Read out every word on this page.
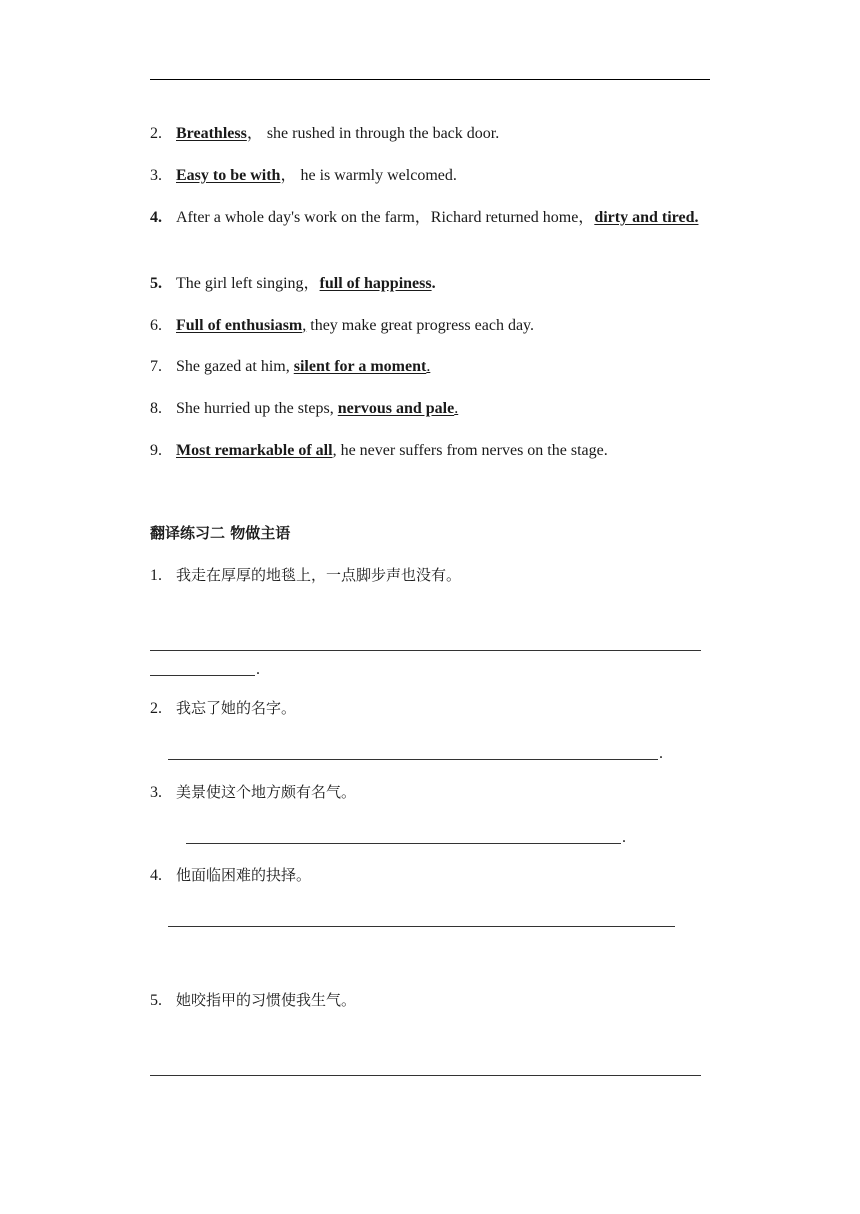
2. Breathless， she rushed in through the back door.
3. Easy to be with， he is warmly welcomed.
4. After a whole day's work on the farm，Richard returned home，dirty and tired.
5. The girl left singing，full of happiness.
6. Full of enthusiasm, they make great progress each day.
7. She gazed at him, silent for a moment.
8. She hurried up the steps, nervous and pale.
9. Most remarkable of all, he never suffers from nerves on the stage.
翻译练习二 物做主语
1. 我走在厚厚的地毯上，一点脚步声也没有。
.
2. 我忘了她的名字。
.
3. 美景使这个地方颇有名气。
.
4. 他面临困难的抉择。
5. 她咬指甲的习惯使我生气。
